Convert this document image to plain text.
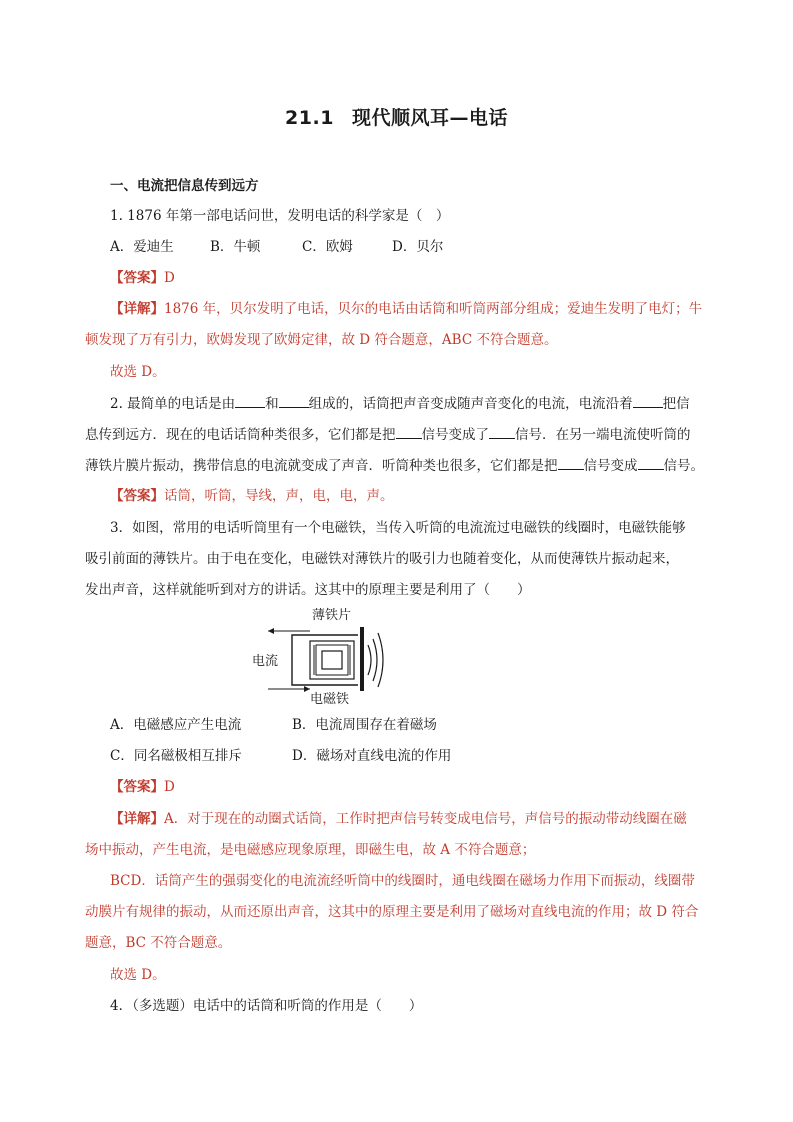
21.1 现代顺风耳—电话
一、电流把信息传到远方
1. 1876 年第一部电话问世，发明电话的科学家是（　）
A．爱迪生	B．牛顿	C．欧姆	D．贝尔
【答案】D
【详解】1876 年，贝尔发明了电话，贝尔的电话由话筒和听筒两部分组成；爱迪生发明了电灯；牛
顿发现了万有引力，欧姆发现了欧姆定律，故 D 符合题意，ABC 不符合题意。
故选 D。
2. 最简单的电话是由 和 组成的，话筒把声音变成随声音变化的电流，电流沿着 把信
息传到远方．现在的电话话筒种类很多，它们都是把 信号变成了 信号．在另一端电流使听筒的
薄铁片膜片振动，携带信息的电流就变成了声音．听筒种类也很多，它们都是把 信号变成 信号。
【答案】话筒，听筒，导线，声，电，电，声。
3．如图，常用的电话听筒里有一个电磁铁，当传入听筒的电流流过电磁铁的线圈时，电磁铁能够
吸引前面的薄铁片。由于电在变化，电磁铁对薄铁片的吸引力也随着变化，从而使薄铁片振动起来，
发出声音，这样就能听到对方的讲话。这其中的原理主要是利用了（　　）
薄铁片
电流
电磁铁
A．电磁感应产生电流	B．电流周围存在着磁场
C．同名磁极相互排斥	D．磁场对直线电流的作用
【答案】D
【详解】A．对于现在的动圈式话筒，工作时把声信号转变成电信号，声信号的振动带动线圈在磁
场中振动，产生电流，是电磁感应现象原理，即磁生电，故 A 不符合题意；
BCD．话筒产生的强弱变化的电流流经听筒中的线圈时，通电线圈在磁场力作用下而振动，线圈带
动膜片有规律的振动，从而还原出声音，这其中的原理主要是利用了磁场对直线电流的作用；故 D 符合
题意，BC 不符合题意。
故选 D。
4．（多选题）电话中的话筒和听筒的作用是（　　）
